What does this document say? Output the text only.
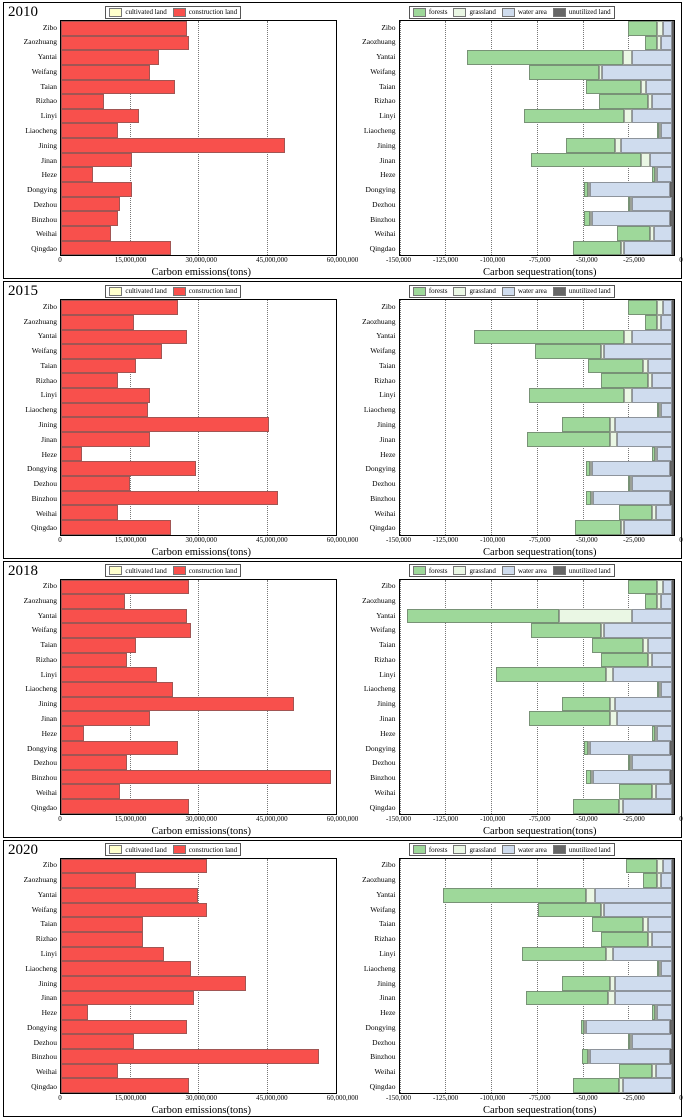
2010	cultivated land	construction land
Zibo
Zaozhuang
Yantai
Weifang
Taian
Rizhao
Linyi
Liaocheng
Jining
Jinan
Heze
Dongying
Dezhou
Binzhou
Weihai
Qingdao
0	15,000,000	30,000,000	45,000,000	60,000,000
Carbon emissions(tons)
forests	grassland	water area	unutilized land
Zibo
Zaozhuang
Yantai
Weifang
Taian
Rizhao
Linyi
Liaocheng
Jining
Jinan
Heze
Dongying
Dezhou
Binzhou
Weihai
Qingdao
-150,000	-125,000	-100,000	-75,000	-50,000	-25,000	0
Carbon sequestration(tons)
2015	cultivated land	construction land
Zibo
Zaozhuang
Yantai
Weifang
Taian
Rizhao
Linyi
Liaocheng
Jining
Jinan
Heze
Dongying
Dezhou
Binzhou
Weihai
Qingdao
0	15,000,000	30,000,000	45,000,000	60,000,000
Carbon emissions(tons)
forests	grassland	water area	unutilized land
Zibo
Zaozhuang
Yantai
Weifang
Taian
Rizhao
Linyi
Liaocheng
Jining
Jinan
Heze
Dongying
Dezhou
Binzhou
Weihai
Qingdao
-150,000	-125,000	-100,000	-75,000	-50,000	-25,000	0
Carbon sequestration(tons)
2018	cultivated land	construction land
Zibo
Zaozhuang
Yantai
Weifang
Taian
Rizhao
Linyi
Liaocheng
Jining
Jinan
Heze
Dongying
Dezhou
Binzhou
Weihai
Qingdao
0	15,000,000	30,000,000	45,000,000	60,000,000
Carbon emissions(tons)
forests	grassland	water area	unutilized land
Zibo
Zaozhuang
Yantai
Weifang
Taian
Rizhao
Linyi
Liaocheng
Jining
Jinan
Heze
Dongying
Dezhou
Binzhou
Weihai
Qingdao
-150,000	-125,000	-100,000	-75,000	-50,000	-25,000	0
Carbon sequestration(tons)
2020	cultivated land	construction land
Zibo
Zaozhuang
Yantai
Weifang
Taian
Rizhao
Linyi
Liaocheng
Jining
Jinan
Heze
Dongying
Dezhou
Binzhou
Weihai
Qingdao
0	15,000,000	30,000,000	45,000,000	60,000,000
Carbon emissions(tons)
forests	grassland	water area	unutilized land
Zibo
Zaozhuang
Yantai
Weifang
Taian
Rizhao
Linyi
Liaocheng
Jining
Jinan
Heze
Dongying
Dezhou
Binzhou
Weihai
Qingdao
-150,000	-125,000	-100,000	-75,000	-50,000	-25,000	0
Carbon sequestration(tons)
